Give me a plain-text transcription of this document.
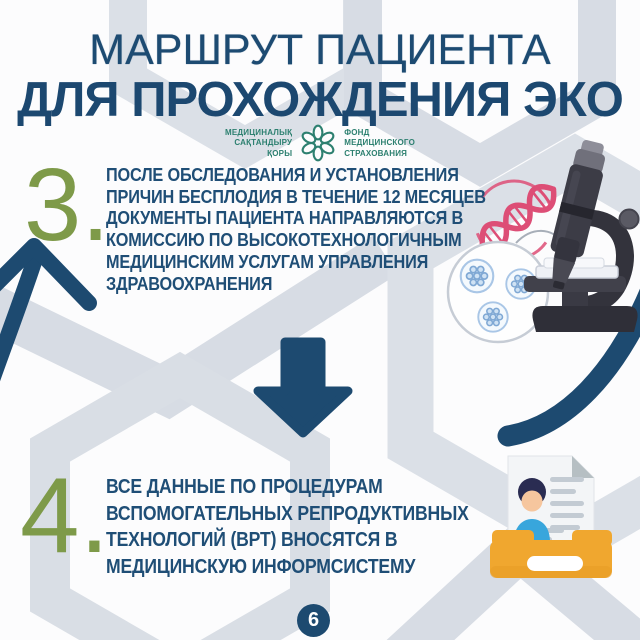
МАРШРУТ ПАЦИЕНТА
ДЛЯ ПРОХОЖДЕНИЯ ЭКО
МЕДИЦИНАЛЫҚ
САҚТАНДЫРУ
ҚОРЫ
ФОНД
МЕДИЦИНСКОГО
СТРАХОВАНИЯ
3.
ПОСЛЕ ОБСЛЕДОВАНИЯ И УСТАНОВЛЕНИЯ
ПРИЧИН БЕСПЛОДИЯ В ТЕЧЕНИЕ 12 МЕСЯЦЕВ
ДОКУМЕНТЫ ПАЦИЕНТА НАПРАВЛЯЮТСЯ В
КОМИССИЮ ПО ВЫСОКОТЕХНОЛОГИЧНЫМ
МЕДИЦИНСКИМ УСЛУГАМ УПРАВЛЕНИЯ
ЗДРАВООХРАНЕНИЯ
4.
ВСЕ ДАННЫЕ ПО ПРОЦЕДУРАМ
ВСПОМОГАТЕЛЬНЫХ РЕПРОДУКТИВНЫХ
ТЕХНОЛОГИЙ (ВРТ) ВНОСЯТСЯ В
МЕДИЦИНСКУЮ ИНФОРМСИСТЕМУ
6
